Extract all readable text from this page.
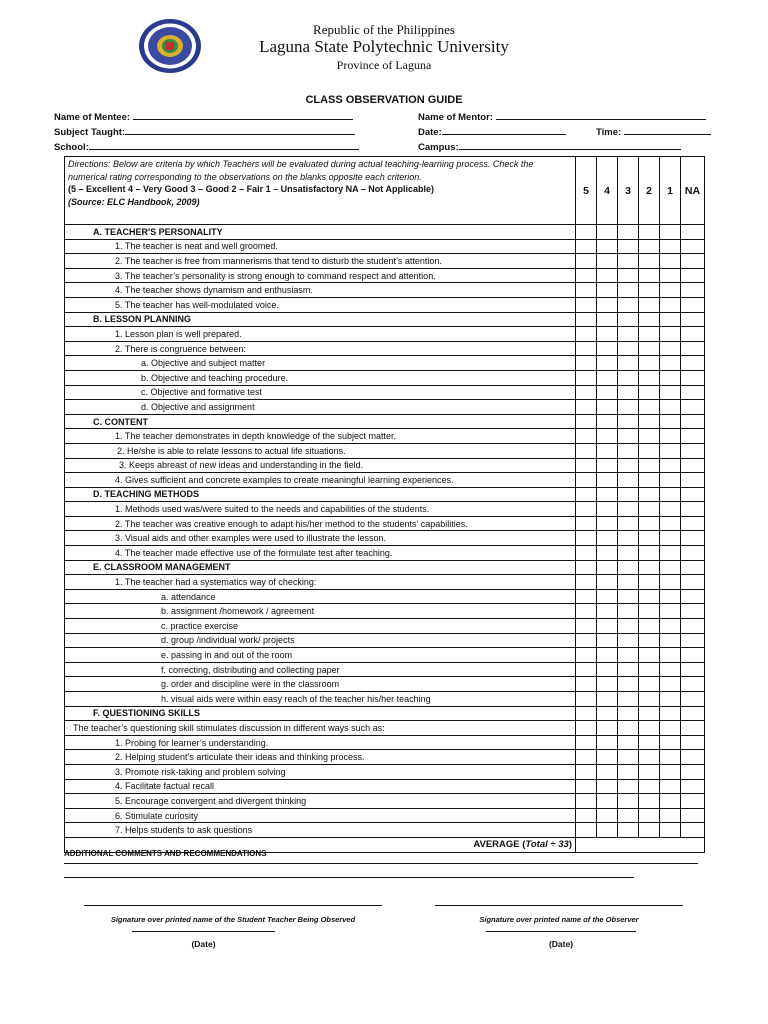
Republic of the Philippines
Laguna State Polytechnic University
Province of Laguna
CLASS OBSERVATION GUIDE
Name of Mentee:	Name of Mentor:
Subject Taught:	Date:	Time:
School:	Campus:
Directions: Below are criteria by which Teachers will be evaluated during actual teaching-learning process. Check the numerical rating corresponding to the observations on the blanks opposite each criterion.
(5 – Excellent 4 – Very Good 3 – Good 2 – Fair 1 – Unsatisfactory NA – Not Applicable)
(Source: ELC Handbook, 2009)	5	4	3	2	1	NA
A. TEACHER'S PERSONALITY						
1. The teacher is neat and well groomed.						
2. The teacher is free from mannerisms that tend to disturb the student’s attention.						
3. The teacher’s personality is strong enough to command respect and attention.						
4. The teacher shows dynamism and enthusiasm.						
5. The teacher has well-modulated voice.						
B. LESSON PLANNING						
1. Lesson plan is well prepared.						
2. There is congruence between:						
a. Objective and subject matter						
b. Objective and teaching procedure.						
c. Objective and formative test						
d. Objective and assignment						
C. CONTENT						
1. The teacher demonstrates in depth knowledge of the subject matter.						
2. He/she is able to relate lessons to actual life situations.						
3. Keeps abreast of new ideas and understanding in the field.						
4. Gives sufficient and concrete examples to create meaningful learning experiences.						
D. TEACHING METHODS						
1. Methods used was/were suited to the needs and capabilities of the students.						
2. The teacher was creative enough to adapt his/her method to the students’ capabilities.						
3. Visual aids and other examples were used to illustrate the lesson.						
4. The teacher made effective use of the formulate test after teaching.						
E. CLASSROOM MANAGEMENT						
1. The teacher had a systematics way of checking:						
a. attendance						
b. assignment /homework / agreement						
c. practice exercise						
d. group /individual work/ projects						
e. passing in and out of the room						
f. correcting, distributing and collecting paper						
g. order and discipline were in the classroom						
h. visual aids were within easy reach of the teacher his/her teaching						
F. QUESTIONING SKILLS						
The teacher’s questioning skill stimulates discussion in different ways such as:						
1. Probing for learner’s understanding.						
2. Helping student’s articulate their ideas and thinking process.						
3. Promote risk-taking and problem solving						
4. Facilitate factual recall						
5. Encourage convergent and divergent thinking						
6. Stimulate curiosity						
7. Helps students to ask questions						
AVERAGE (Total ÷ 33)						
ADDITIONAL COMMENTS AND RECOMMENDATIONS
Signature over printed name of the Student Teacher Being Observed
(Date)
Signature over printed name of the Observer
(Date)
